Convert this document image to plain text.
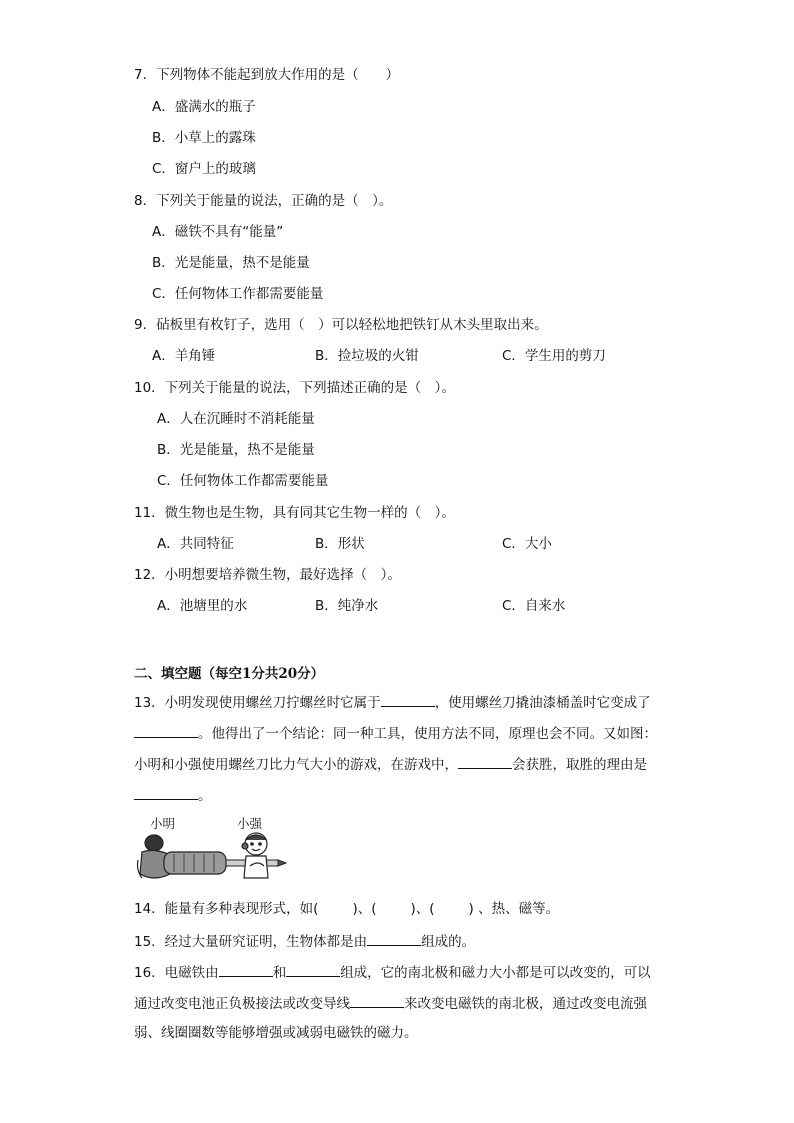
7．下列物体不能起到放大作用的是（　　）
A．盛满水的瓶子
B．小草上的露珠
C．窗户上的玻璃
8．下列关于能量的说法，正确的是（　）。
A．磁铁不具有“能量”
B．光是能量，热不是能量
C．任何物体工作都需要能量
9．砧板里有枚钉子，选用（　）可以轻松地把铁钉从木头里取出来。
A．羊角锤	B．捡垃圾的火钳	C．学生用的剪刀
10．下列关于能量的说法，下列描述正确的是（　）。
A．人在沉睡时不消耗能量
B．光是能量，热不是能量
C．任何物体工作都需要能量
11．微生物也是生物，具有同其它生物一样的（　）。
A．共同特征	B．形状	C．大小
12．小明想要培养微生物，最好选择（　）。
A．池塘里的水	B．纯净水	C．自来水
二、填空题（每空1分共20分）
13．小明发现使用螺丝刀拧螺丝时它属于	，使用螺丝刀撬油漆桶盖时它变成了
。他得出了一个结论：同一种工具，使用方法不同，原理也会不同。又如图：
小明和小强使用螺丝刀比力气大小的游戏，在游戏中，	会获胜，取胜的理由是
。
小明	小强
14．能量有多种表现形式，如(	)、(	)、(	) 、热、磁等。
15．经过大量研究证明，生物体都是由	组成的。
16．电磁铁由	和	组成，它的南北极和磁力大小都是可以改变的，可以
通过改变电池正负极接法或改变导线	来改变电磁铁的南北极，通过改变电流强
弱、线圈圈数等能够增强或减弱电磁铁的磁力。
